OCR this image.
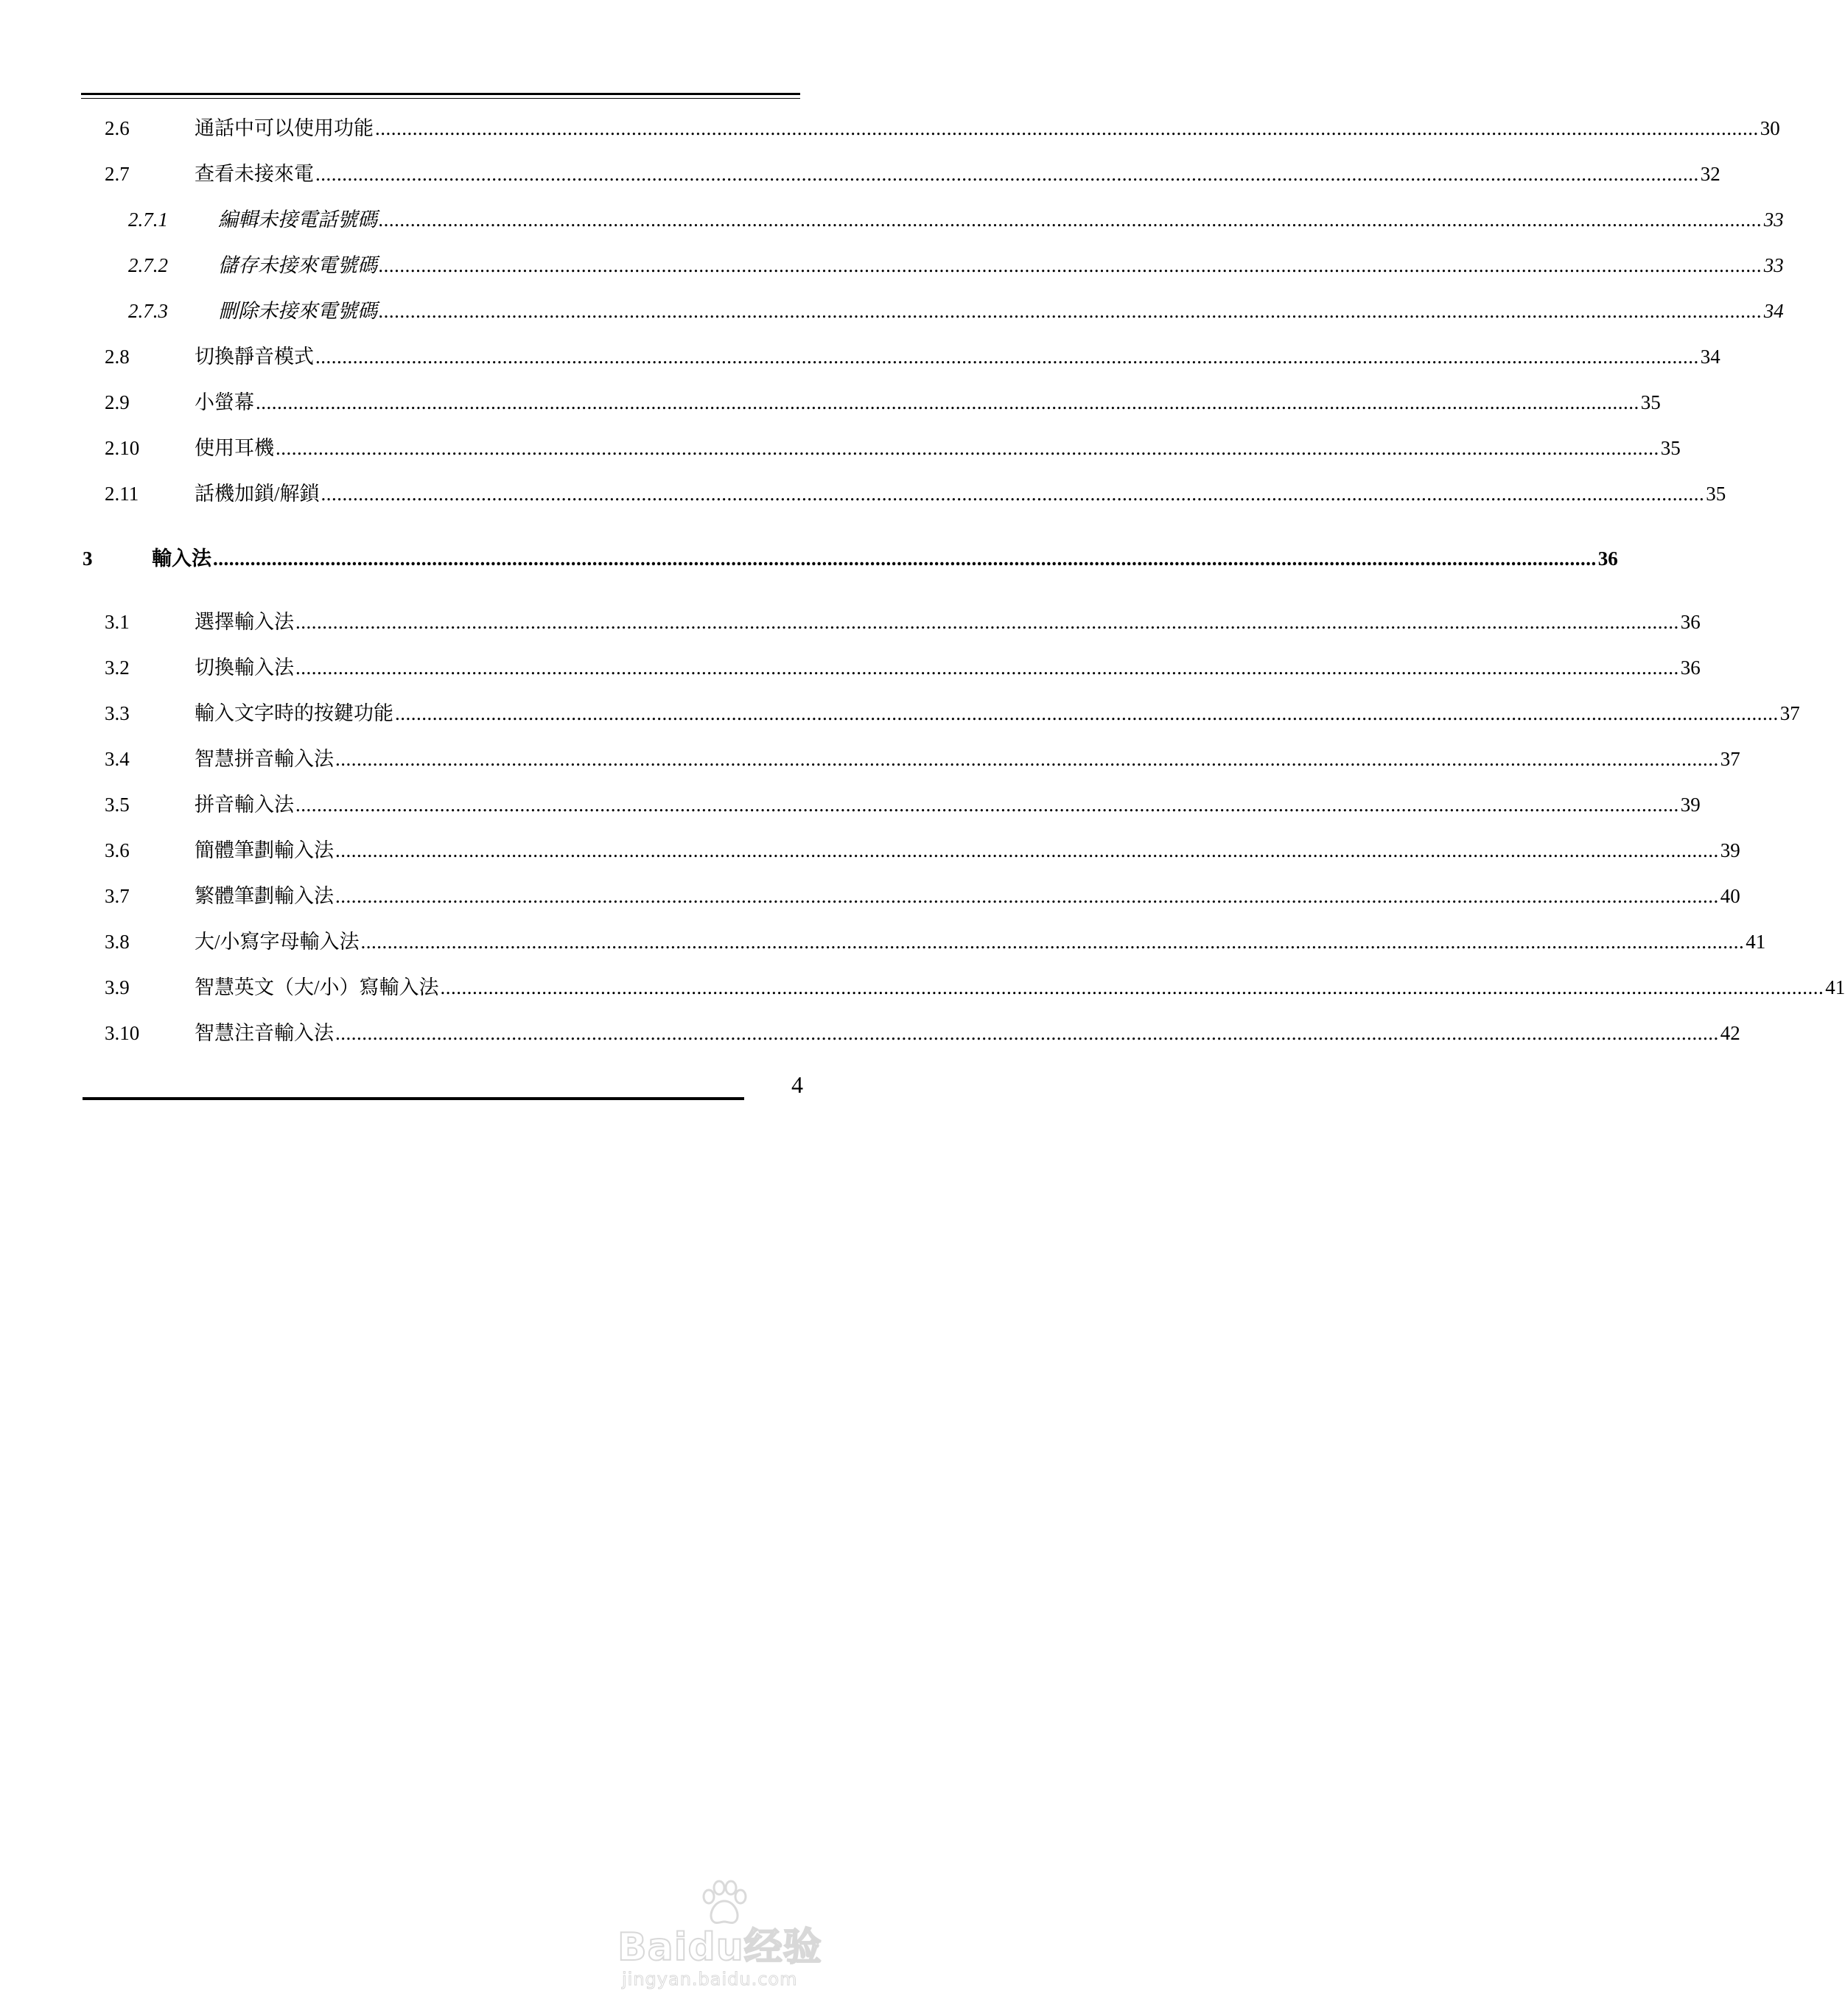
2.6	通話中可以使用功能 ................................................................................................................................................................................................................................................................... 30
2.7	查看未接來電 ................................................................................................................................................................................................................................................................... 32
2.7.1	編輯未接電話號碼 ................................................................................................................................................................................................................................................................... 33
2.7.2	儲存未接來電號碼 ................................................................................................................................................................................................................................................................... 33
2.7.3	刪除未接來電號碼 ................................................................................................................................................................................................................................................................... 34
2.8	切換靜音模式 ................................................................................................................................................................................................................................................................... 34
2.9	小螢幕 ................................................................................................................................................................................................................................................................... 35
2.10	使用耳機 ................................................................................................................................................................................................................................................................... 35
2.11	話機加鎖/解鎖 ................................................................................................................................................................................................................................................................... 35
3	輸入法 ................................................................................................................................................................................................................................................................... 36
3.1	選擇輸入法 ................................................................................................................................................................................................................................................................... 36
3.2	切換輸入法 ................................................................................................................................................................................................................................................................... 36
3.3	輸入文字時的按鍵功能 ................................................................................................................................................................................................................................................................... 37
3.4	智慧拼音輸入法 ................................................................................................................................................................................................................................................................... 37
3.5	拼音輸入法 ................................................................................................................................................................................................................................................................... 39
3.6	簡體筆劃輸入法 ................................................................................................................................................................................................................................................................... 39
3.7	繁體筆劃輸入法 ................................................................................................................................................................................................................................................................... 40
3.8	大/小寫字母輸入法 ................................................................................................................................................................................................................................................................... 41
3.9	智慧英文（大/小）寫輸入法 ................................................................................................................................................................................................................................................................... 41
3.10	智慧注音輸入法 ................................................................................................................................................................................................................................................................... 42
4
Baidu经验
jingyan.baidu.com
